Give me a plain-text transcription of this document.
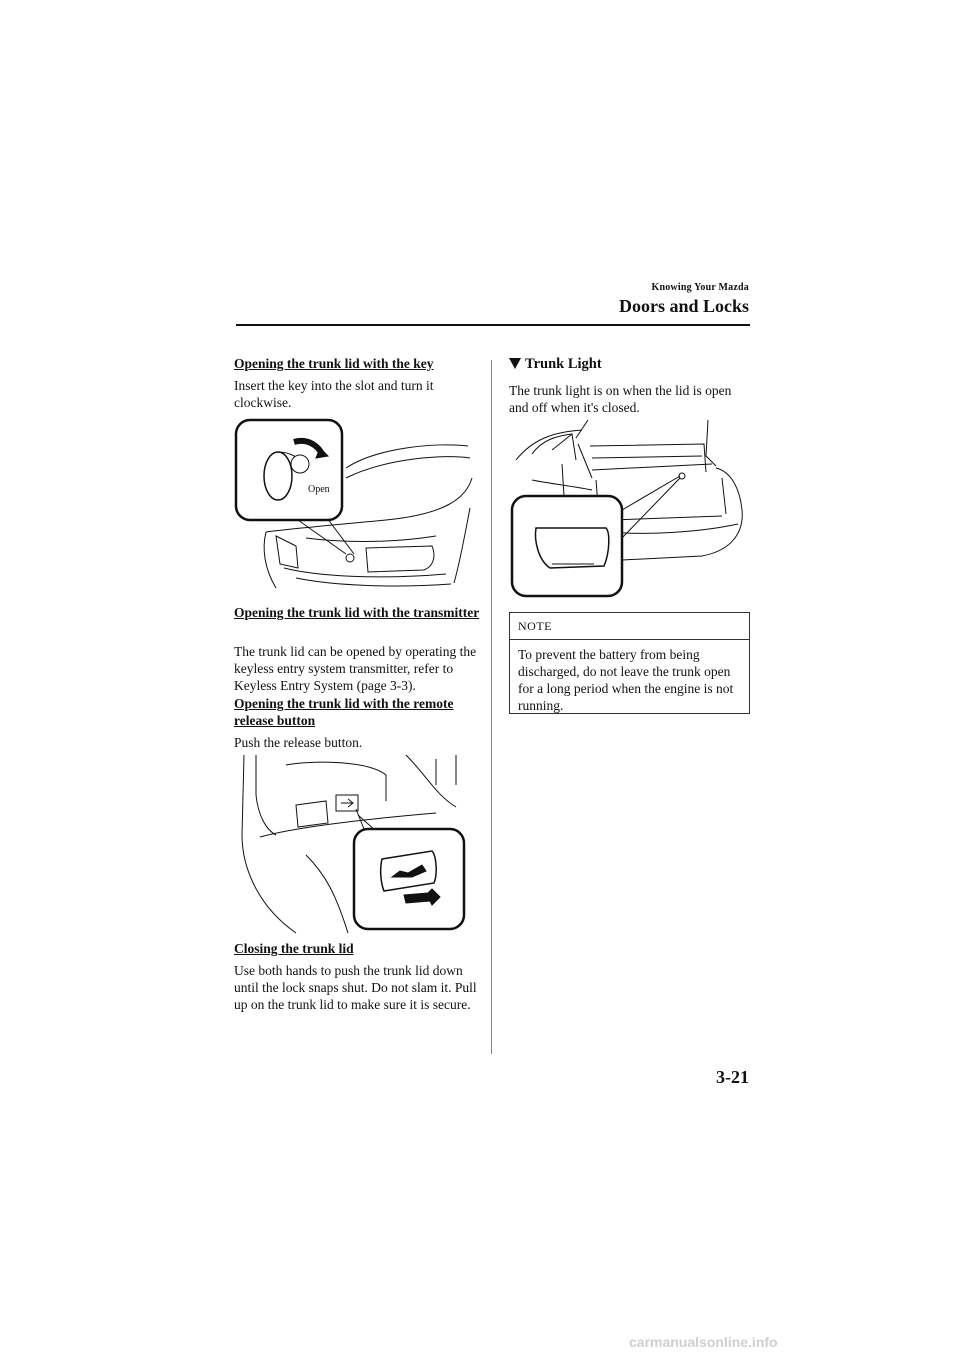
Knowing Your Mazda
Doors and Locks
Opening the trunk lid with the key
Insert the key into the slot and turn it clockwise.
Open
Opening the trunk lid with the transmitter
The trunk lid can be opened by operating the keyless entry system transmitter, refer to Keyless Entry System (page 3-3).
Opening the trunk lid with the remote release button
Push the release button.
Closing the trunk lid
Use both hands to push the trunk lid down until the lock snaps shut. Do not slam it. Pull up on the trunk lid to make sure it is secure.
Trunk Light
The trunk light is on when the lid is open and off when it's closed.
NOTE
To prevent the battery from being discharged, do not leave the trunk open for a long period when the engine is not running.
3-21
carmanualsonline.info
